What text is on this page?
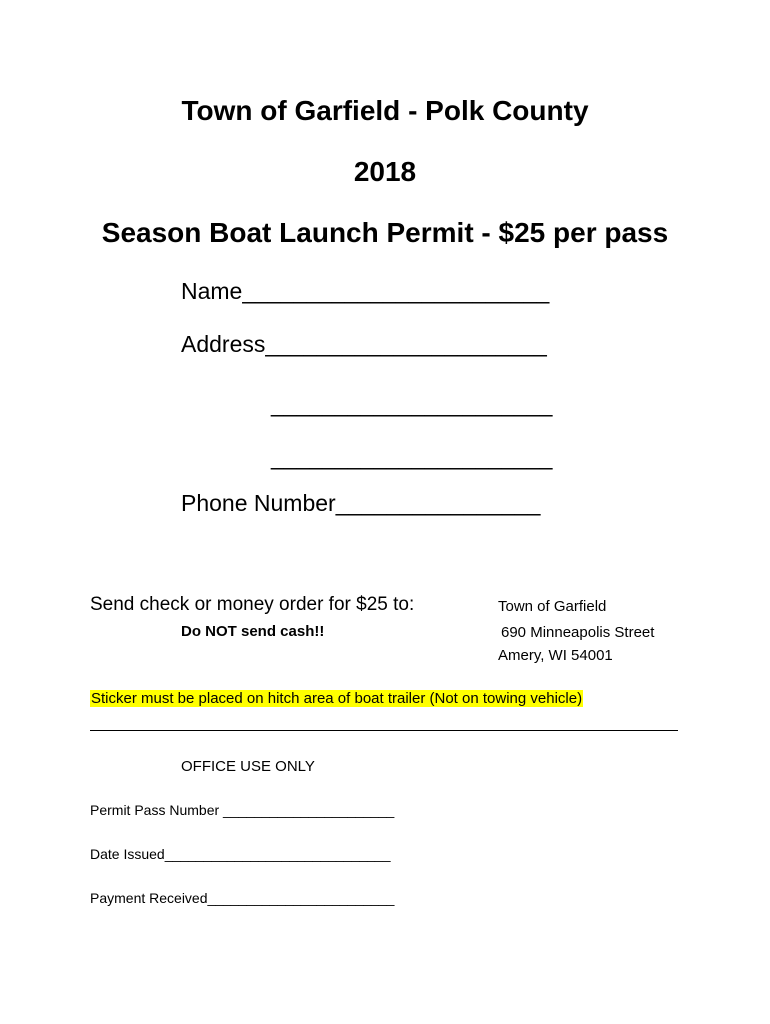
Town of Garfield - Polk County
2018
Season Boat Launch Permit - $25 per pass
Name________________________
Address______________________
______________________
______________________
Phone Number________________
Send check or money order for $25 to:
Do NOT send cash!!
Town of Garfield
690 Minneapolis Street
Amery, WI 54001
Sticker must be placed on hitch area of boat trailer (Not on towing vehicle)
OFFICE USE ONLY
Permit Pass Number ______________________
Date Issued_____________________________
Payment Received________________________
